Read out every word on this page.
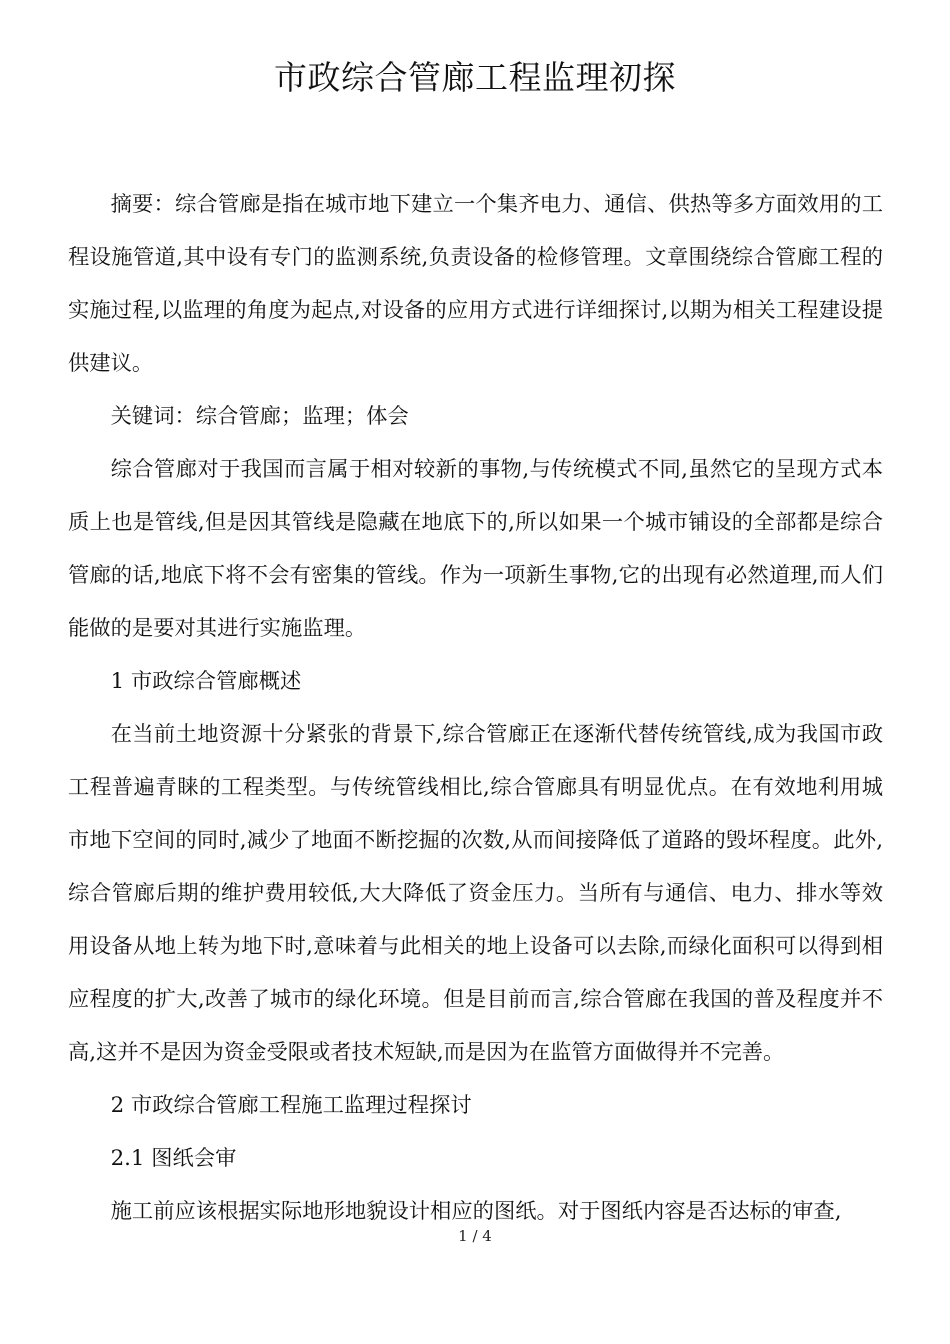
市政综合管廊工程监理初探

摘要：综合管廊是指在城市地下建立一个集齐电力、通信、供热等多方面效用的工程设施管道,其中设有专门的监测系统,负责设备的检修管理。文章围绕综合管廊工程的实施过程,以监理的角度为起点,对设备的应用方式进行详细探讨,以期为相关工程建设提供建议。

关键词：综合管廊；监理；体会

综合管廊对于我国而言属于相对较新的事物,与传统模式不同,虽然它的呈现方式本质上也是管线,但是因其管线是隐藏在地底下的,所以如果一个城市铺设的全部都是综合管廊的话,地底下将不会有密集的管线。作为一项新生事物,它的出现有必然道理,而人们能做的是要对其进行实施监理。

1 市政综合管廊概述

在当前土地资源十分紧张的背景下,综合管廊正在逐渐代替传统管线,成为我国市政工程普遍青睐的工程类型。与传统管线相比,综合管廊具有明显优点。在有效地利用城市地下空间的同时,减少了地面不断挖掘的次数,从而间接降低了道路的毁坏程度。此外,综合管廊后期的维护费用较低,大大降低了资金压力。当所有与通信、电力、排水等效用设备从地上转为地下时,意味着与此相关的地上设备可以去除,而绿化面积可以得到相应程度的扩大,改善了城市的绿化环境。但是目前而言,综合管廊在我国的普及程度并不高,这并不是因为资金受限或者技术短缺,而是因为在监管方面做得并不完善。

2 市政综合管廊工程施工监理过程探讨

2.1 图纸会审

施工前应该根据实际地形地貌设计相应的图纸。对于图纸内容是否达标的审查,

1 / 4
